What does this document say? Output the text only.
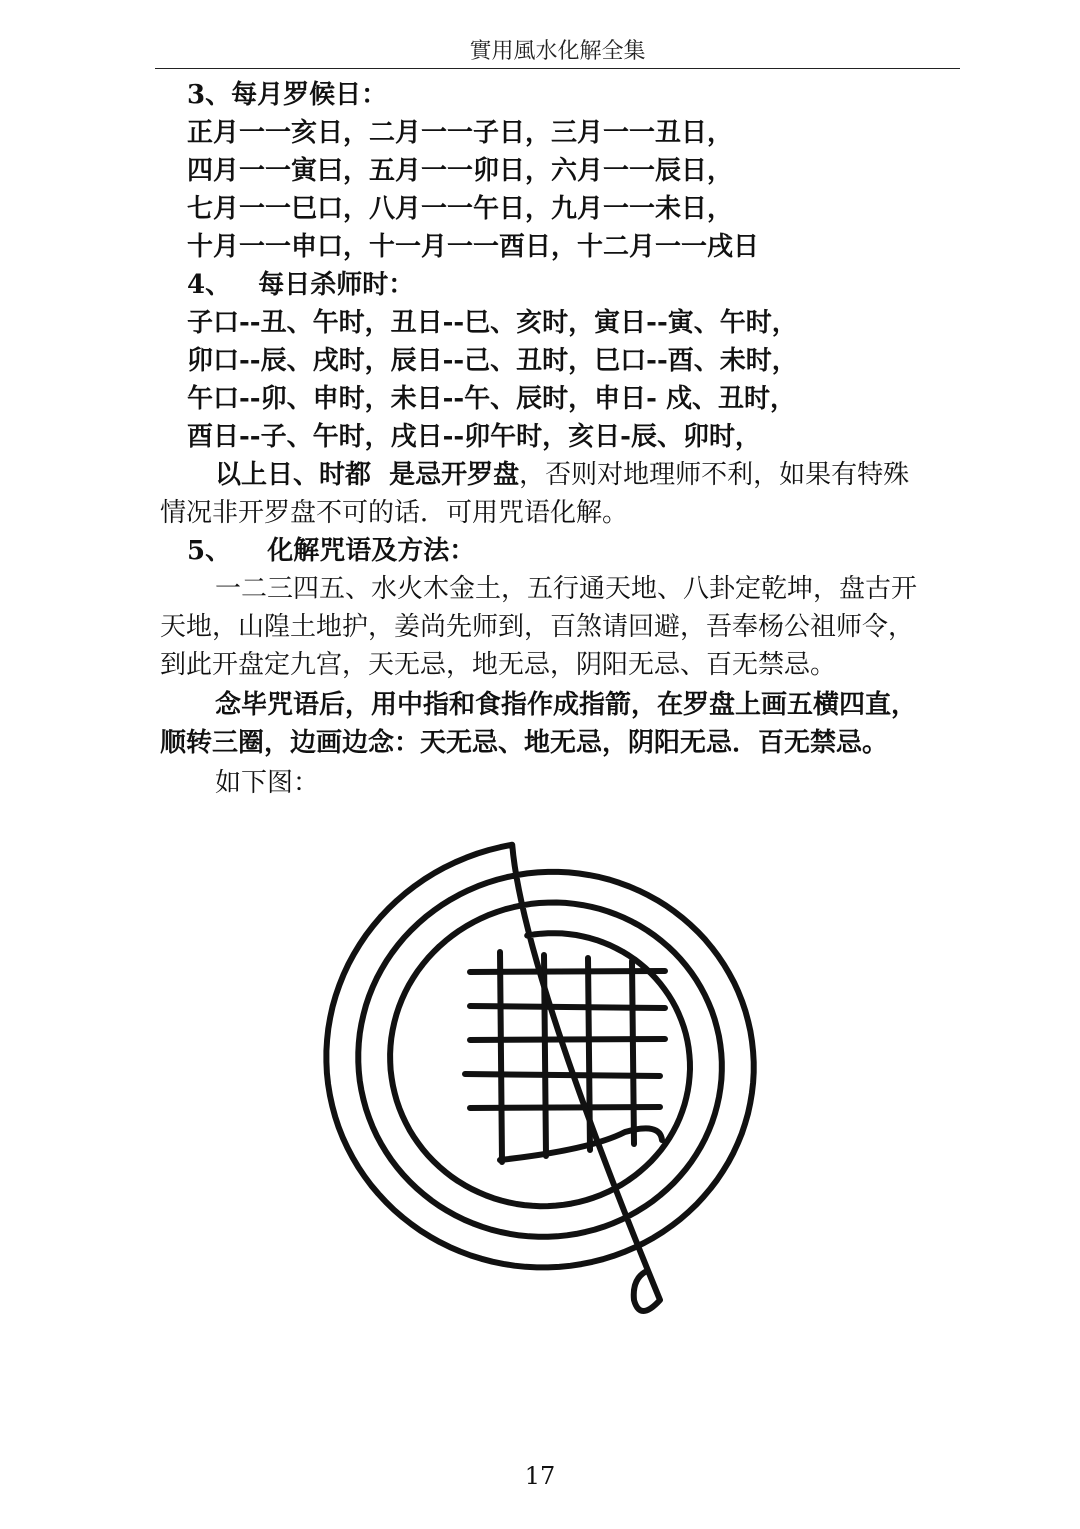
實用風水化解全集
3、每月罗候日：
正月一一亥日，二月一一子日，三月一一丑日，
四月一一寅曰，五月一一卯日，六月一一辰日，
七月一一巳口，八月一一午日，九月一一未日，
十月一一申口，十一月一一酉日，十二月一一戌日
4、   每日杀师时：
子口--丑、午时，丑日--巳、亥时，寅日--寅、午时，
卯口--辰、戌时，辰日--己、丑时，巳口--酉、未时，
午口--卯、申时，未日--午、辰时，申日- 戍、丑时，
酉日--子、午时，戌日--卯午时，亥日-辰、卯时，
以上日、时都  是忌开罗盘，否则对地理师不利，如果有特殊
情况非开罗盘不可的话．可用咒语化解。
5、    化解咒语及方法：
一二三四五、水火木金土，五行通天地、八卦定乾坤，盘古开
天地，山隍土地护，姜尚先师到，百煞请回避，吾奉杨公祖师令，
到此开盘定九宫，天无忌，地无忌，阴阳无忌、百无禁忌。
念毕咒语后，用中指和食指作成指箭，在罗盘上画五横四直，
顺转三圈，边画边念：天无忌、地无忌，阴阳无忌．百无禁忌。
如下图：
17
